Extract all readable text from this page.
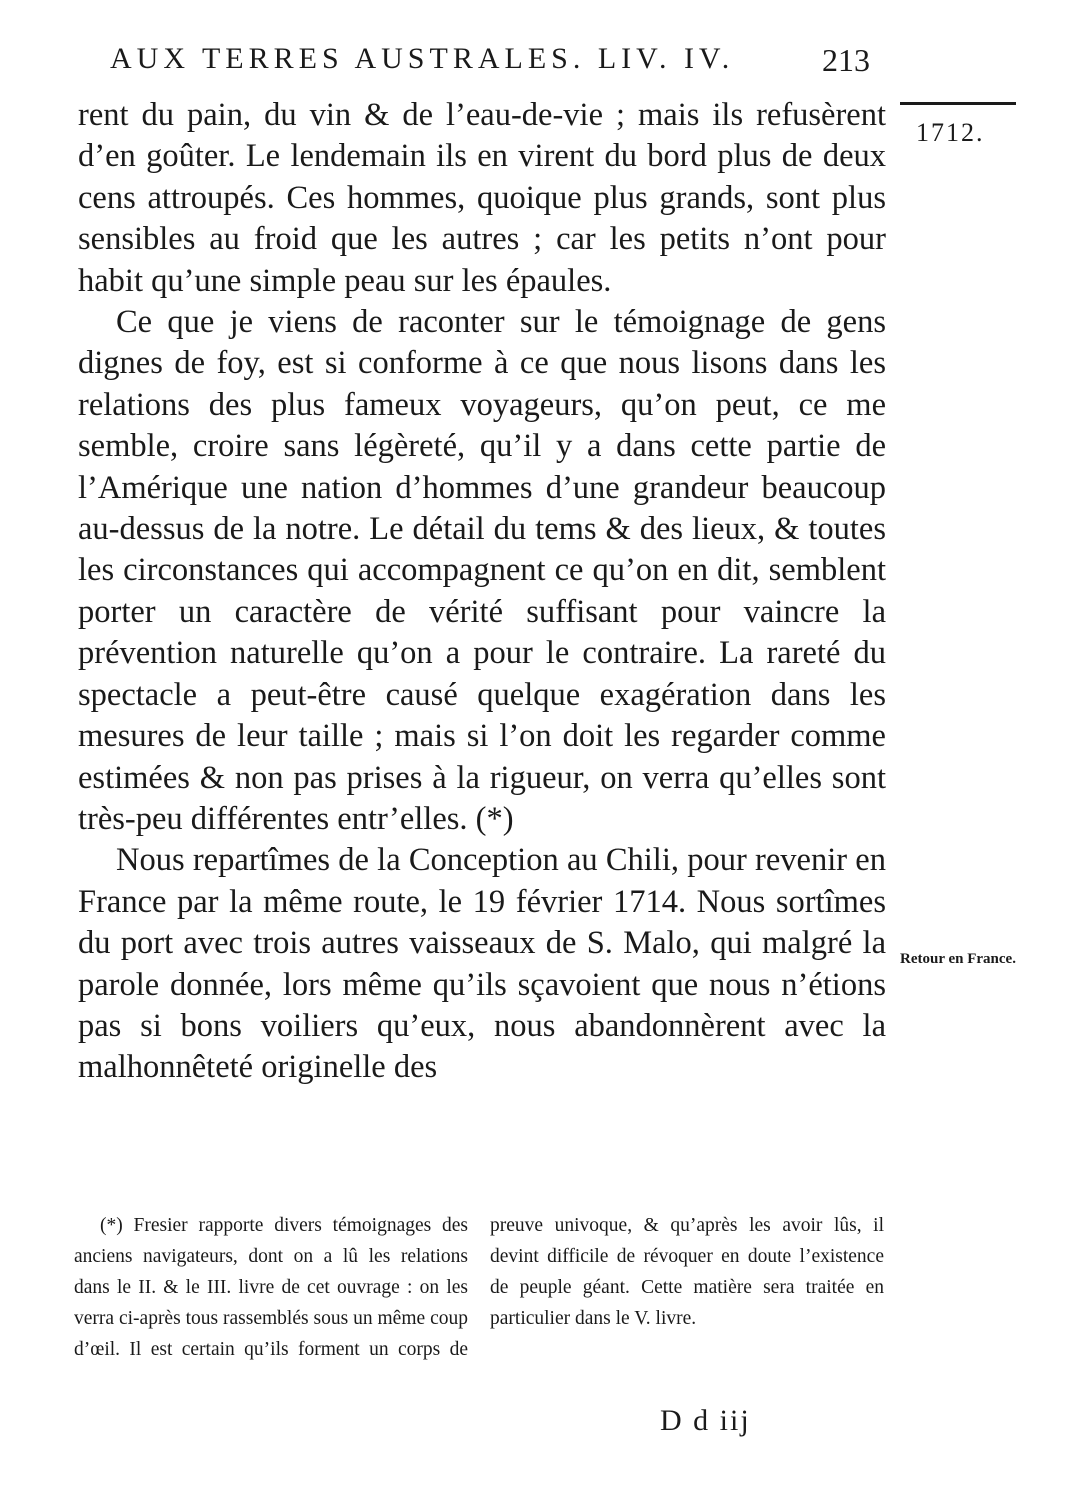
AUX TERRES AUSTRALES. LIV. IV.	213
1712.
Retour en France.

rent du pain, du vin & de l’eau-de-vie ; mais ils refusèrent d’en goûter. Le lendemain ils en virent du bord plus de deux cens attroupés. Ces hommes, quoique plus grands, sont plus sensibles au froid que les autres ; car les petits n’ont pour habit qu’une simple peau sur les épaules.

Ce que je viens de raconter sur le témoignage de gens dignes de foy, est si conforme à ce que nous lisons dans les relations des plus fameux voyageurs, qu’on peut, ce me semble, croire sans légèreté, qu’il y a dans cette partie de l’Amérique une nation d’hommes d’une grandeur beaucoup au-dessus de la notre. Le détail du tems & des lieux, & toutes les circonstances qui accompagnent ce qu’on en dit, semblent porter un caractère de vérité suffisant pour vaincre la prévention naturelle qu’on a pour le contraire. La rareté du spectacle a peut-être causé quelque exagération dans les mesures de leur taille ; mais si l’on doit les regarder comme estimées & non pas prises à la rigueur, on verra qu’elles sont très-peu différentes entr’elles. (*)

Nous repartîmes de la Conception au Chili, pour revenir en France par la même route, le 19 février 1714. Nous sortîmes du port avec trois autres vaisseaux de S. Malo, qui malgré la parole donnée, lors même qu’ils sçavoient que nous n’étions pas si bons voiliers qu’eux, nous abandonnèrent avec la malhonnêteté originelle des

(*) Fresier rapporte divers témoignages des anciens navigateurs, dont on a lû les relations dans le II. & le III. livre de cet ouvrage : on les verra ci-après tous rassemblés sous un même coup d’œil. Il est certain qu’ils forment un corps de preuve univoque, & qu’après les avoir lûs, il devint difficile de révoquer en doute l’existence de peuple géant. Cette matière sera traitée en particulier dans le V. livre.

D d iij
